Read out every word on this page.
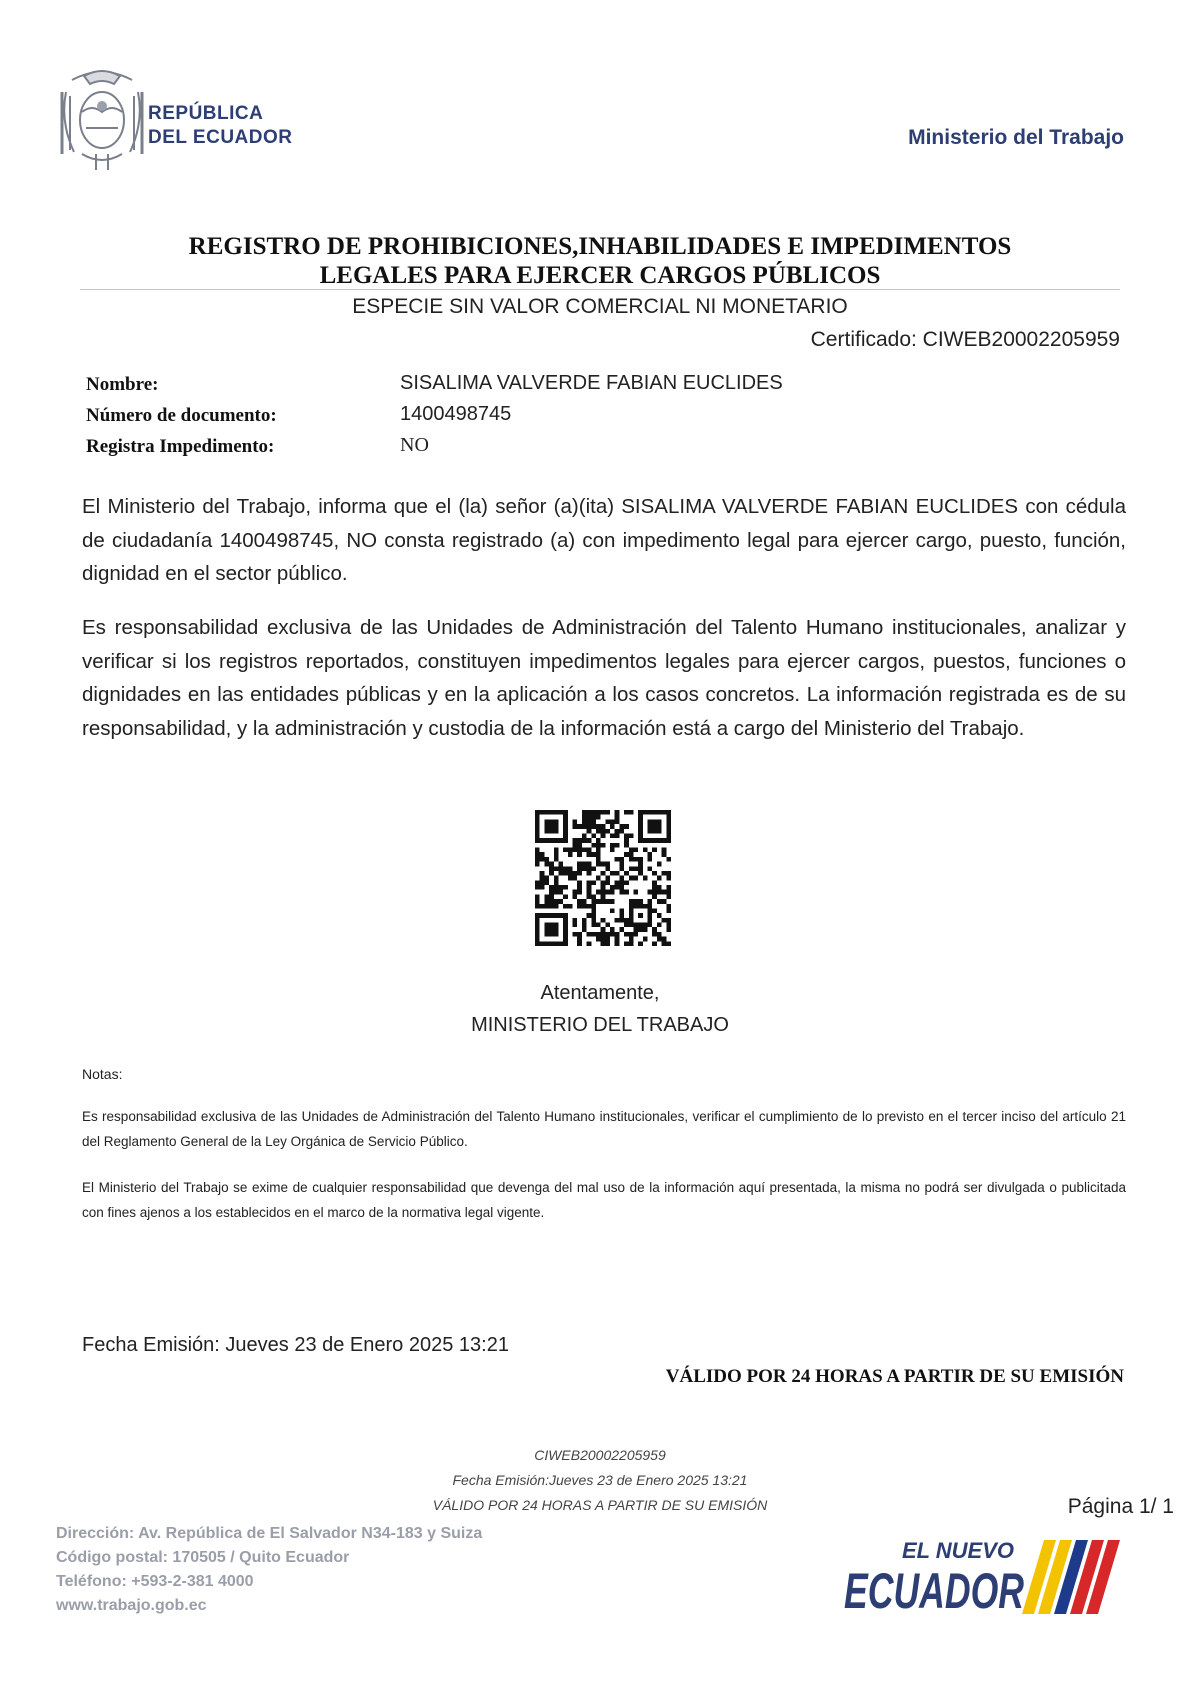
REPÚBLICA
DEL ECUADOR	Ministerio del Trabajo
REGISTRO DE PROHIBICIONES,INHABILIDADES E IMPEDIMENTOS
LEGALES PARA EJERCER CARGOS PÚBLICOS
ESPECIE SIN VALOR COMERCIAL NI MONETARIO
Certificado: CIWEB20002205959
Nombre:	SISALIMA VALVERDE FABIAN EUCLIDES
Número de documento:	1400498745
Registra Impedimento:	NO
El Ministerio del Trabajo, informa que el (la) señor (a)(ita) SISALIMA VALVERDE FABIAN EUCLIDES con cédula de ciudadanía 1400498745, NO consta registrado (a) con impedimento legal para ejercer cargo, puesto, función, dignidad en el sector público.
Es responsabilidad exclusiva de las Unidades de Administración del Talento Humano institucionales, analizar y verificar si los registros reportados, constituyen impedimentos legales para ejercer cargos, puestos, funciones o dignidades en las entidades públicas y en la aplicación a los casos concretos. La información registrada es de su responsabilidad, y la administración y custodia de la información está a cargo del Ministerio del Trabajo.
Atentamente,
MINISTERIO DEL TRABAJO
Notas:
Es responsabilidad exclusiva de las Unidades de Administración del Talento Humano institucionales, verificar el cumplimiento de lo previsto en el tercer inciso del artículo 21 del Reglamento General de la Ley Orgánica de Servicio Público.
El Ministerio del Trabajo se exime de cualquier responsabilidad que devenga del mal uso de la información aquí presentada, la misma no podrá ser divulgada o publicitada con fines ajenos a los establecidos en el marco de la normativa legal vigente.
Fecha Emisión: Jueves 23 de Enero 2025 13:21
VÁLIDO POR 24 HORAS A PARTIR DE SU EMISIÓN
CIWEB20002205959
Fecha Emisión:Jueves 23 de Enero 2025 13:21
VÁLIDO POR 24 HORAS A PARTIR DE SU EMISIÓN	Página 1/ 1
Dirección: Av. República de El Salvador N34-183 y Suiza
Código postal: 170505 / Quito Ecuador
Teléfono: +593-2-381 4000
www.trabajo.gob.ec
EL NUEVO
ECUADOR
